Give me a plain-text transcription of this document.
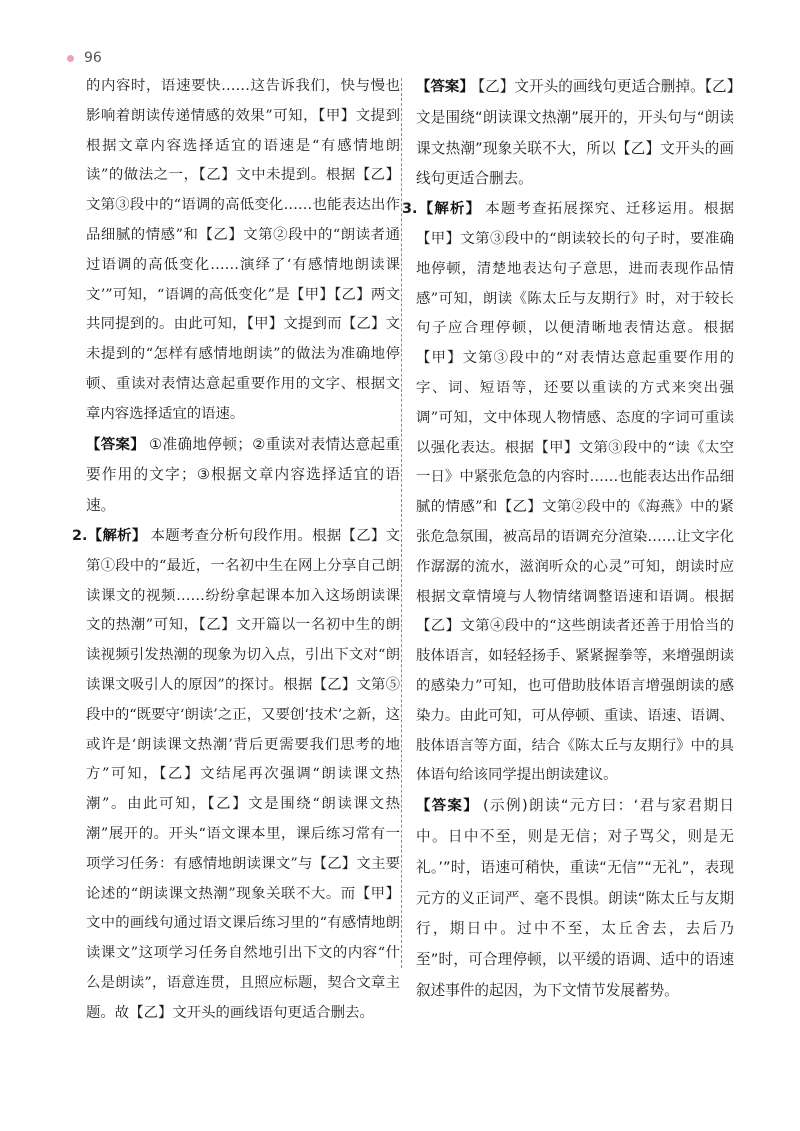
96

的内容时，语速要快……这告诉我们，快与慢也影响着朗读传递情感的效果”可知，【甲】文提到根据文章内容选择适宜的语速是“有感情地朗读”的做法之一，【乙】文中未提到。根据【乙】文第③段中的“语调的高低变化……也能表达出作品细腻的情感”和【乙】文第②段中的“朗读者通过语调的高低变化……演绎了‘有感情地朗读课文’”可知，“语调的高低变化”是【甲】【乙】两文共同提到的。由此可知，【甲】文提到而【乙】文未提到的“怎样有感情地朗读”的做法为准确地停顿、重读对表情达意起重要作用的文字、根据文章内容选择适宜的语速。

【答案】 ①准确地停顿；②重读对表情达意起重要作用的文字；③根据文章内容选择适宜的语速。

2.【解析】 本题考查分析句段作用。根据【乙】文第①段中的“最近，一名初中生在网上分享自己朗读课文的视频……纷纷拿起课本加入这场朗读课文的热潮”可知，【乙】文开篇以一名初中生的朗读视频引发热潮的现象为切入点，引出下文对“朗读课文吸引人的原因”的探讨。根据【乙】文第⑤段中的“既要守‘朗读’之正，又要创‘技术’之新，这或许是‘朗读课文热潮’背后更需要我们思考的地方”可知，【乙】文结尾再次强调“朗读课文热潮”。由此可知，【乙】文是围绕“朗读课文热潮”展开的。开头“语文课本里，课后练习常有一项学习任务：有感情地朗读课文”与【乙】文主要论述的“朗读课文热潮”现象关联不大。而【甲】文中的画线句通过语文课后练习里的“有感情地朗读课文”这项学习任务自然地引出下文的内容“什么是朗读”，语意连贯，且照应标题，契合文章主题。故【乙】文开头的画线语句更适合删去。

【答案】 【乙】文开头的画线句更适合删掉。【乙】文是围绕“朗读课文热潮”展开的，开头句与“朗读课文热潮”现象关联不大，所以【乙】文开头的画线句更适合删去。

3.【解析】 本题考查拓展探究、迁移运用。根据【甲】文第③段中的“朗读较长的句子时，要准确地停顿，清楚地表达句子意思，进而表现作品情感”可知，朗读《陈太丘与友期行》时，对于较长句子应合理停顿，以便清晰地表情达意。根据【甲】文第③段中的“对表情达意起重要作用的字、词、短语等，还要以重读的方式来突出强调”可知，文中体现人物情感、态度的字词可重读以强化表达。根据【甲】文第③段中的“读《太空一日》中紧张危急的内容时……也能表达出作品细腻的情感”和【乙】文第②段中的《海燕》中的紧张危急氛围，被高昂的语调充分渲染……让文字化作潺潺的流水，滋润听众的心灵”可知，朗读时应根据文章情境与人物情绪调整语速和语调。根据【乙】文第④段中的“这些朗读者还善于用恰当的肢体语言，如轻轻扬手、紧紧握拳等，来增强朗读的感染力”可知，也可借助肢体语言增强朗读的感染力。由此可知，可从停顿、重读、语速、语调、肢体语言等方面，结合《陈太丘与友期行》中的具体语句给该同学提出朗读建议。

【答案】 (示例)朗读“元方曰：‘君与家君期日中。日中不至，则是无信；对子骂父，则是无礼。’”时，语速可稍快，重读“无信”“无礼”，表现元方的义正词严、毫不畏惧。朗读“陈太丘与友期行，期日中。过中不至，太丘舍去，去后乃至”时，可合理停顿，以平缓的语调、适中的语速叙述事件的起因，为下文情节发展蓄势。
